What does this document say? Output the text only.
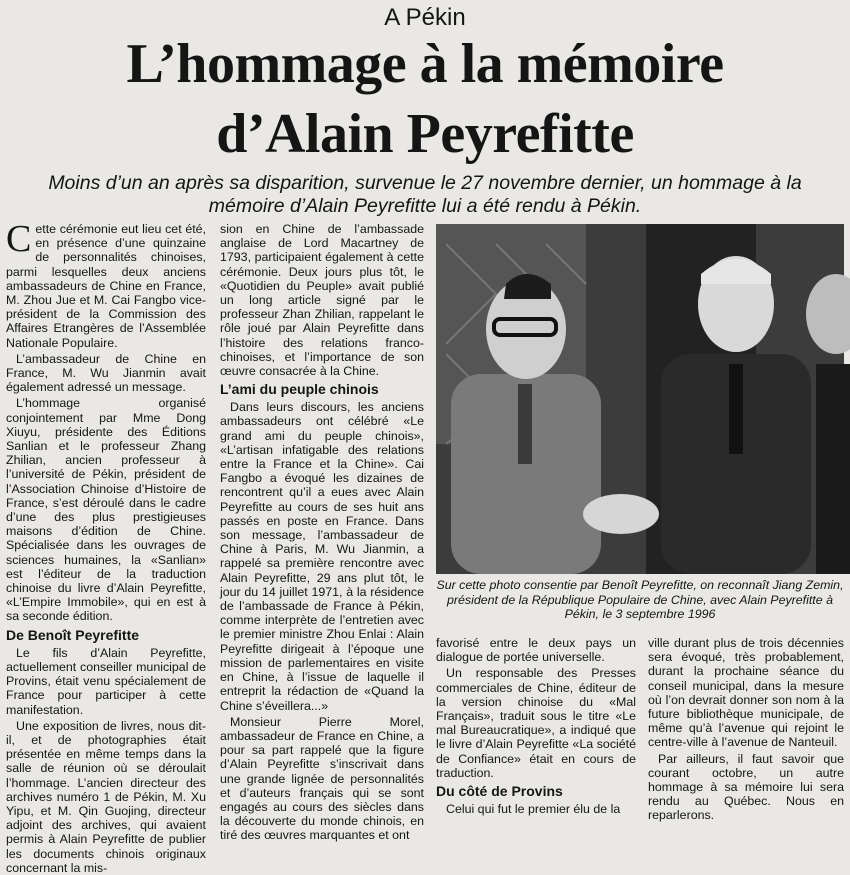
A Pékin
L’hommage à la mémoire
d’Alain Peyrefitte
Moins d’un an après sa disparition, survenue le 27 novembre dernier, un hommage à la
mémoire d’Alain Peyrefitte lui a été rendu à Pékin.

Cette cérémonie eut lieu cet été, en présence d’une quinzaine de personnalités chinoises, parmi lesquelles deux anciens ambassadeurs de Chine en France, M. Zhou Jue et M. Cai Fangbo vice-président de la Commission des Affaires Etrangères de l’Assemblée Nationale Populaire.

L’ambassadeur de Chine en France, M. Wu Jianmin avait également adressé un message.

L’hommage organisé conjointement par Mme Dong Xiuyu, présidente des Éditions Sanlian et le professeur Zhang Zhilian, ancien professeur à l’université de Pékin, président de l’Association Chinoise d’Histoire de France, s’est déroulé dans le cadre d’une des plus prestigieuses maisons d’édition de Chine. Spécialisée dans les ouvrages de sciences humaines, la «Sanlian» est l’éditeur de la traduction chinoise du livre d’Alain Peyrefitte, «L’Empire Immobile», qui en est à sa seconde édition.

De Benoît Peyrefitte

Le fils d’Alain Peyrefitte, actuellement conseiller municipal de Provins, était venu spécialement de France pour participer à cette manifestation.

Une exposition de livres, nous dit-il, et de photographies était présentée en même temps dans la salle de réunion où se déroulait l’hommage. L’ancien directeur des archives numéro 1 de Pékin, M. Xu Yipu, et M. Qin Guojing, directeur adjoint des archives, qui avaient permis à Alain Peyrefitte de publier les documents chinois originaux concernant la mis-

sion en Chine de l’ambassade anglaise de Lord Macartney de 1793, participaient également à cette cérémonie. Deux jours plus tôt, le «Quotidien du Peuple» avait publié un long article signé par le professeur Zhan Zhilian, rappelant le rôle joué par Alain Peyrefitte dans l’histoire des relations franco-chinoises, et l’importance de son œuvre consacrée à la Chine.

L’ami du peuple chinois

Dans leurs discours, les anciens ambassadeurs ont célébré «Le grand ami du peuple chinois», «L’artisan infatigable des relations entre la France et la Chine». Cai Fangbo a évoqué les dizaines de rencontrent qu’il a eues avec Alain Peyrefitte au cours de ses huit ans passés en poste en France. Dans son message, l’ambassadeur de Chine à Paris, M. Wu Jianmin, a rappelé sa première rencontre avec Alain Peyrefitte, 29 ans plut tôt, le jour du 14 juillet 1971, à la résidence de l’ambassade de France à Pékin, comme interprète de l’entretien avec le premier ministre Zhou Enlai : Alain Peyrefitte dirigeait à l’époque une mission de parlementaires en visite en Chine, à l’issue de laquelle il entreprit la rédaction de «Quand la Chine s’éveillera...»

Monsieur Pierre Morel, ambassadeur de France en Chine, a pour sa part rappelé que la figure d’Alain Peyrefitte s’inscrivait dans une grande lignée de personnalités et d’auteurs français qui se sont engagés au cours des siècles dans la découverte du monde chinois, en tiré des œuvres marquantes et ont

Sur cette photo consentie par Benoît Peyrefitte, on reconnaît Jiang Zemin, président de la République Populaire de Chine, avec Alain Peyrefitte à Pékin, le 3 septembre 1996

favorisé entre le deux pays un dialogue de portée universelle.

Un responsable des Presses commerciales de Chine, éditeur de la version chinoise du «Mal Français», traduit sous le titre «Le mal Bureaucratique», a indiqué que le livre d’Alain Peyrefitte «La société de Confiance» était en cours de traduction.

Du côté de Provins

Celui qui fut le premier élu de la

ville durant plus de trois décennies sera évoqué, très probablement, durant la prochaine séance du conseil municipal, dans la mesure où l’on devrait donner son nom à la future bibliothèque municipale, de même qu’à l’avenue qui rejoint le centre-ville à l’avenue de Nanteuil.

Par ailleurs, il faut savoir que courant octobre, un autre hommage à sa mémoire lui sera rendu au Québec. Nous en reparlerons.
